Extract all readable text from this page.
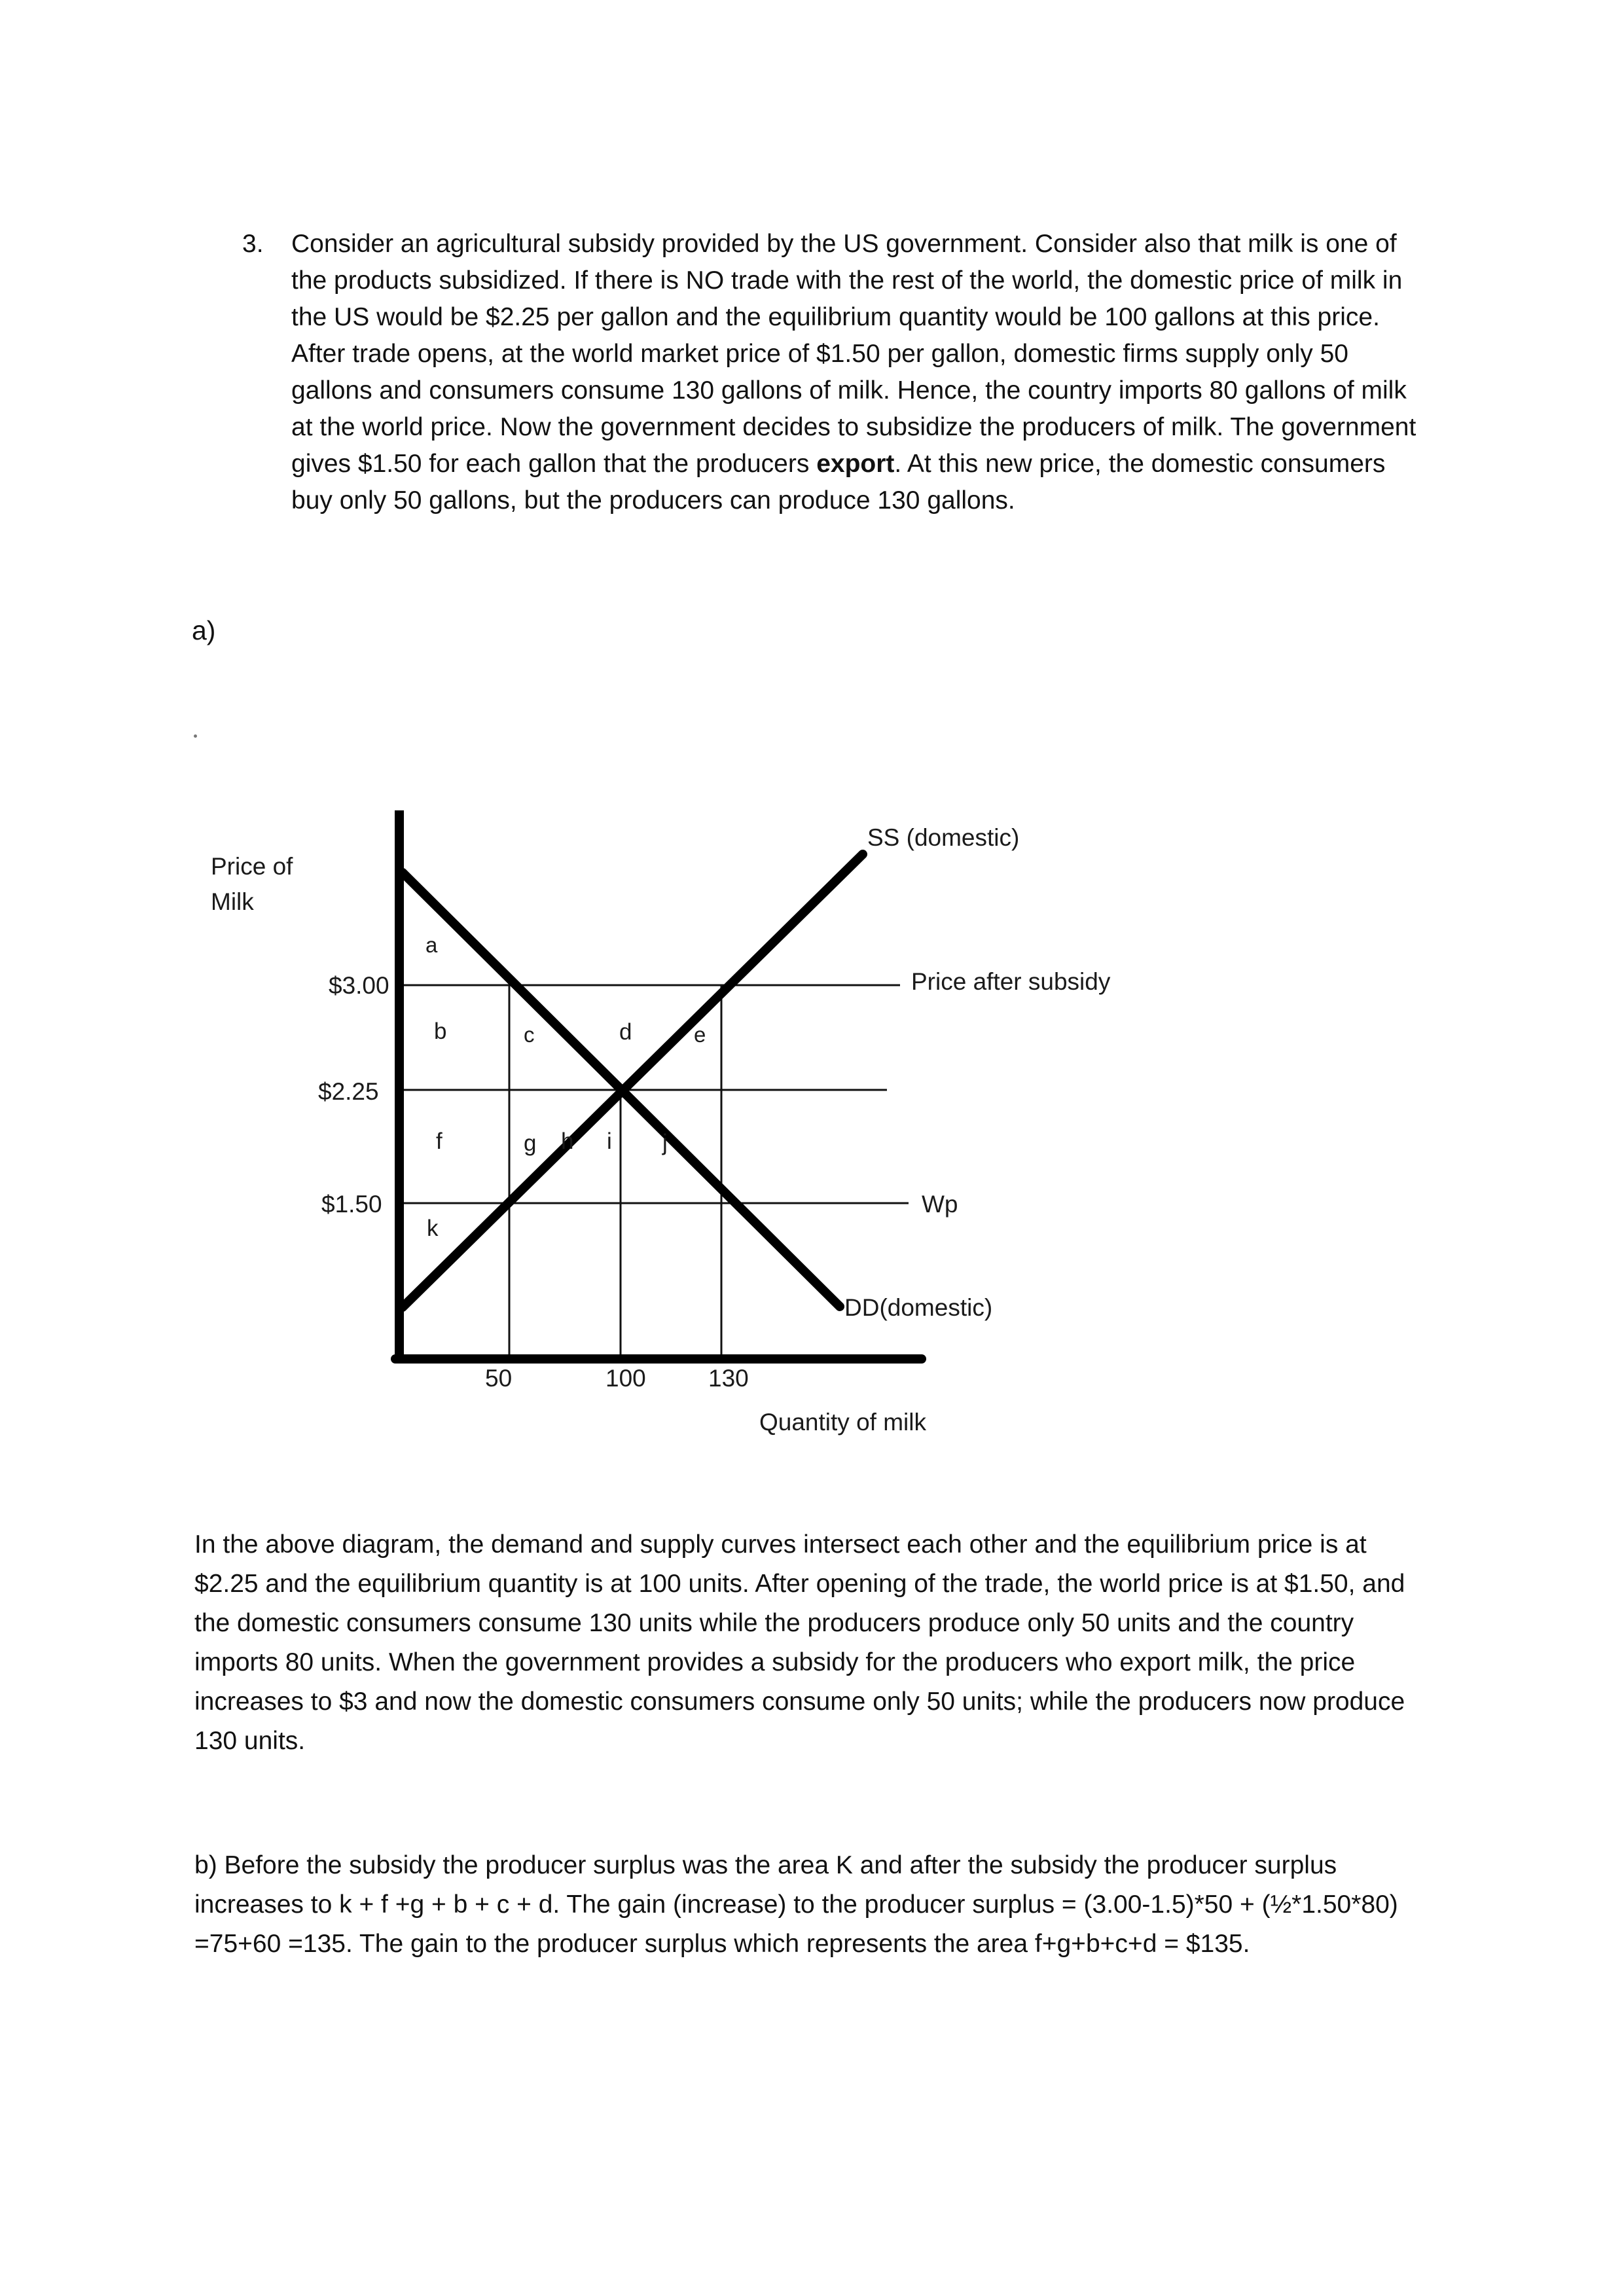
3. Consider an agricultural subsidy provided by the US government. Consider also that milk is one of the products subsidized. If there is NO trade with the rest of the world, the domestic price of milk in the US would be $2.25 per gallon and the equilibrium quantity would be 100 gallons at this price. After trade opens, at the world market price of $1.50 per gallon, domestic firms supply only 50 gallons and consumers consume 130 gallons of milk. Hence, the country imports 80 gallons of milk at the world price. Now the government decides to subsidize the producers of milk. The government gives $1.50 for each gallon that the producers export. At this new price, the domestic consumers buy only 50 gallons, but the producers can produce 130 gallons.
a)
Price of
Milk
Quantity of milk
$3.00
$2.25
$1.50
50	100	130
SS (domestic)
DD(domestic)
Price after subsidy
Wp
a
b	c	d	e
f	g h i j
k
In the above diagram, the demand and supply curves intersect each other and the equilibrium price is at $2.25 and the equilibrium quantity is at 100 units. After opening of the trade, the world price is at $1.50, and the domestic consumers consume 130 units while the producers produce only 50 units and the country imports 80 units. When the government provides a subsidy for the producers who export milk, the price increases to $3 and now the domestic consumers consume only 50 units; while the producers now produce 130 units.
b) Before the subsidy the producer surplus was the area K and after the subsidy the producer surplus increases to k + f +g + b + c + d. The gain (increase) to the producer surplus = (3.00-1.5)*50 + (½*1.50*80) =75+60 =135. The gain to the producer surplus which represents the area f+g+b+c+d = $135.
